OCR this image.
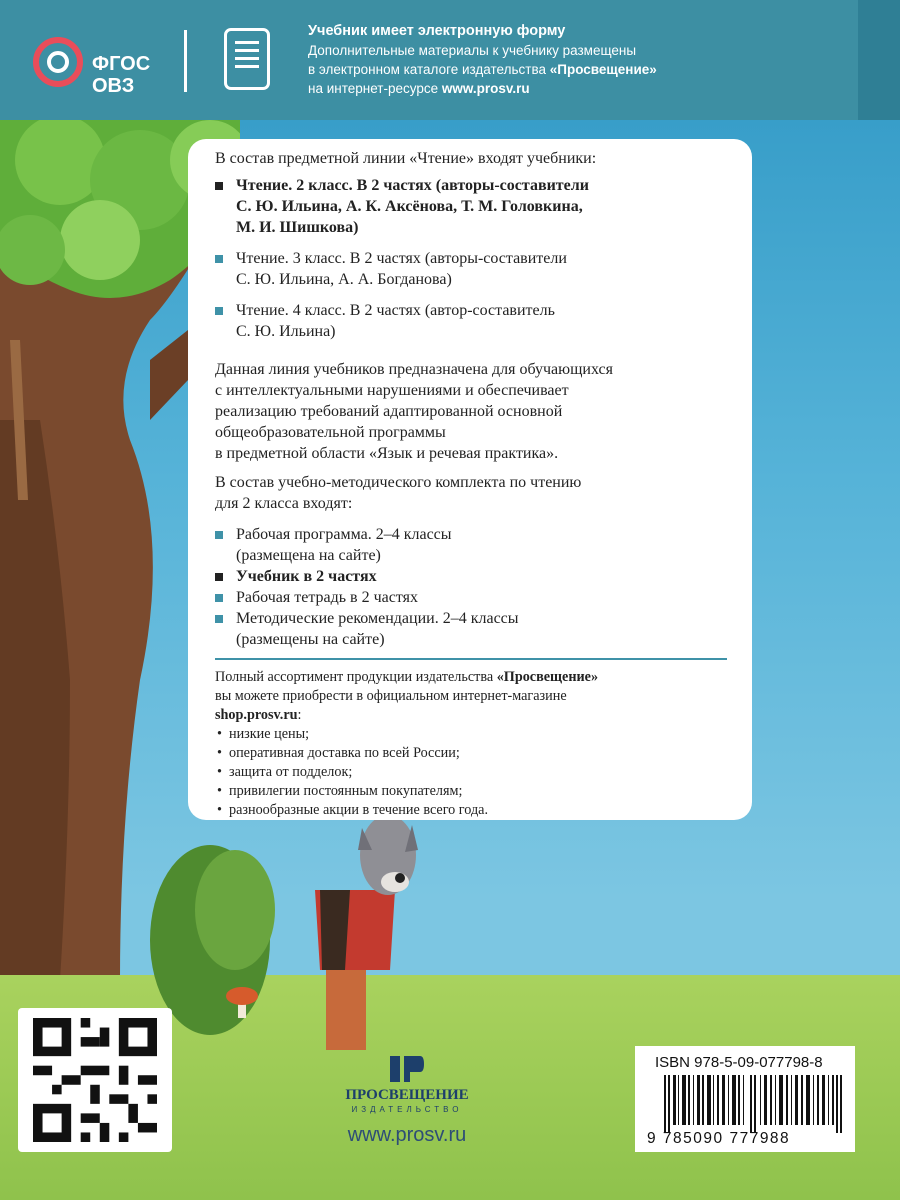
ФГОС
ОВЗ
Учебник имеет электронную форму
Дополнительные материалы к учебнику размещены
в электронном каталоге издательства «Просвещение»
на интернет-ресурсе www.prosv.ru

В состав предметной линии «Чтение» входят учебники:

Чтение. 2 класс. В 2 частях (авторы-составители
С. Ю. Ильина, А. К. Аксёнова, Т. М. Головкина,
М. И. Шишкова)
Чтение. 3 класс. В 2 частях (авторы-составители
С. Ю. Ильина, А. А. Богданова)
Чтение. 4 класс. В 2 частях (автор-составитель
С. Ю. Ильина)
Данная линия учебников предназначена для обучающихся
с интеллектуальными нарушениями и обеспечивает
реализацию требований адаптированной основной
общеобразовательной программы
в предметной области «Язык и речевая практика».
В состав учебно-методического комплекта по чтению
для 2 класса входят:
Рабочая программа. 2–4 классы
(размещена на сайте)
Учебник в 2 частях
Рабочая тетрадь в 2 частях
Методические рекомендации. 2–4 классы
(размещены на сайте)
Полный ассортимент продукции издательства «Просвещение»
вы можете приобрести в официальном интернет-магазине
shop.prosv.ru:
• низкие цены;
• оперативная доставка по всей России;
• защита от подделок;
• привилегии постоянным покупателям;
• разнообразные акции в течение всего года.
ПРОСВЕЩЕНИЕ
ИЗДАТЕЛЬСТВО
www.prosv.ru
ISBN 978-5-09-077798-8
9 785090 777988
